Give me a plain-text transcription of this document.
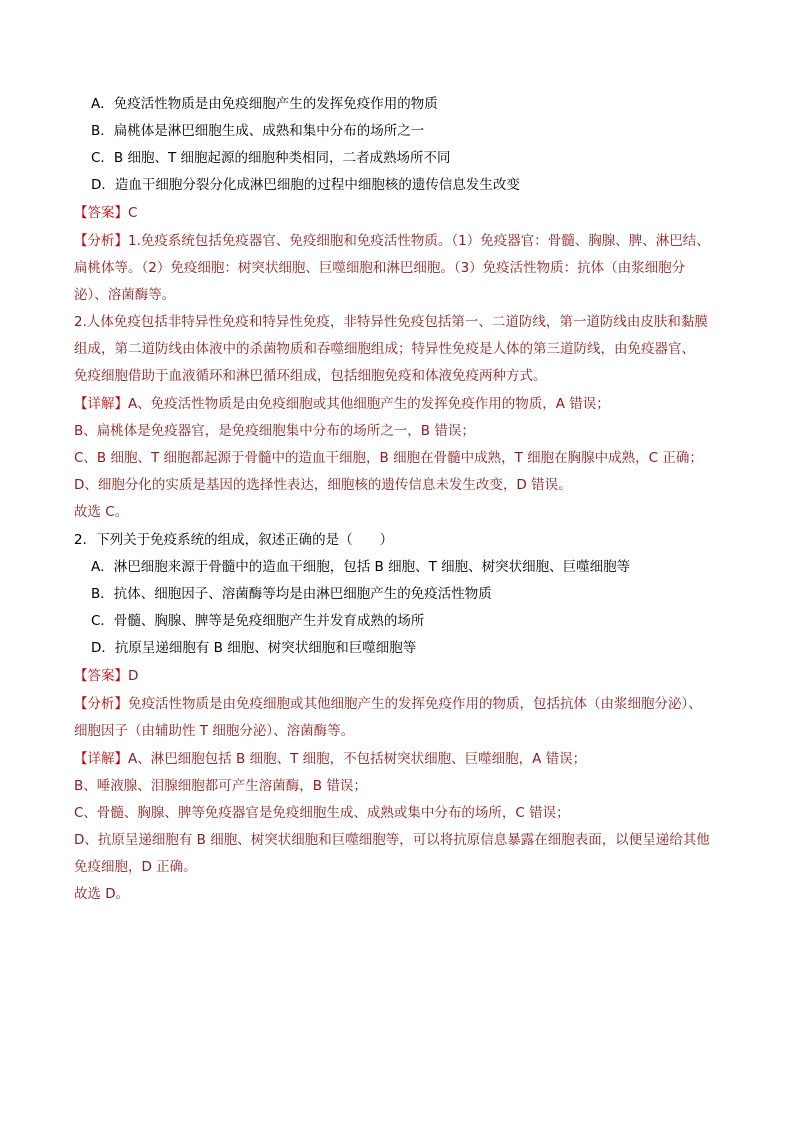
A．免疫活性物质是由免疫细胞产生的发挥免疫作用的物质
B．扁桃体是淋巴细胞生成、成熟和集中分布的场所之一
C．B 细胞、T 细胞起源的细胞种类相同，二者成熟场所不同
D．造血干细胞分裂分化成淋巴细胞的过程中细胞核的遗传信息发生改变
【答案】C
【分析】1.免疫系统包括免疫器官、免疫细胞和免疫活性物质。（1）免疫器官：骨髓、胸腺、脾、淋巴结、
扁桃体等。（2）免疫细胞：树突状细胞、巨噬细胞和淋巴细胞。（3）免疫活性物质：抗体（由浆细胞分
泌）、溶菌酶等。
2.人体免疫包括非特异性免疫和特异性免疫，非特异性免疫包括第一、二道防线，第一道防线由皮肤和黏膜
组成，第二道防线由体液中的杀菌物质和吞噬细胞组成；特异性免疫是人体的第三道防线，由免疫器官、
免疫细胞借助于血液循环和淋巴循环组成，包括细胞免疫和体液免疫两种方式。
【详解】A、免疫活性物质是由免疫细胞或其他细胞产生的发挥免疫作用的物质，A 错误；
B、扁桃体是免疫器官，是免疫细胞集中分布的场所之一，B 错误；
C、B 细胞、T 细胞都起源于骨髓中的造血干细胞，B 细胞在骨髓中成熟，T 细胞在胸腺中成熟，C 正确；
D、细胞分化的实质是基因的选择性表达，细胞核的遗传信息未发生改变，D 错误。
故选 C。
2．下列关于免疫系统的组成，叙述正确的是（　　）
A．淋巴细胞来源于骨髓中的造血干细胞，包括 B 细胞、T 细胞、树突状细胞、巨噬细胞等
B．抗体、细胞因子、溶菌酶等均是由淋巴细胞产生的免疫活性物质
C．骨髓、胸腺、脾等是免疫细胞产生并发育成熟的场所
D．抗原呈递细胞有 B 细胞、树突状细胞和巨噬细胞等
【答案】D
【分析】免疫活性物质是由免疫细胞或其他细胞产生的发挥免疫作用的物质，包括抗体（由浆细胞分泌）、
细胞因子（由辅助性 T 细胞分泌）、溶菌酶等。
【详解】A、淋巴细胞包括 B 细胞、T 细胞，不包括树突状细胞、巨噬细胞，A 错误；
B、唾液腺、泪腺细胞都可产生溶菌酶，B 错误；
C、骨髓、胸腺、脾等免疫器官是免疫细胞生成、成熟或集中分布的场所，C 错误；
D、抗原呈递细胞有 B 细胞、树突状细胞和巨噬细胞等，可以将抗原信息暴露在细胞表面，以便呈递给其他
免疫细胞，D 正确。
故选 D。
